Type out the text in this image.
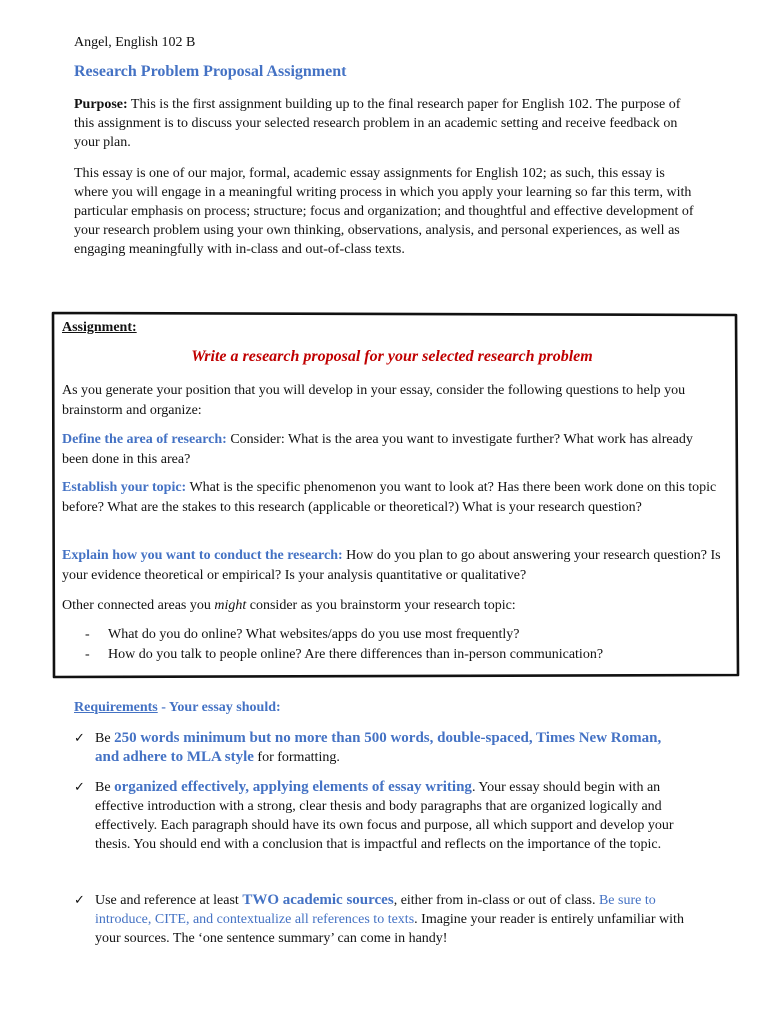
Angel, English 102 B
Research Problem Proposal Assignment
Purpose: This is the first assignment building up to the final research paper for English 102. The purpose of this assignment is to discuss your selected research problem in an academic setting and receive feedback on your plan.
This essay is one of our major, formal, academic essay assignments for English 102; as such, this essay is where you will engage in a meaningful writing process in which you apply your learning so far this term, with particular emphasis on process; structure; focus and organization; and thoughtful and effective development of your research problem using your own thinking, observations, analysis, and personal experiences, as well as engaging meaningfully with in-class and out-of-class texts.
Assignment:
Write a research proposal for your selected research problem
As you generate your position that you will develop in your essay, consider the following questions to help you brainstorm and organize:
Define the area of research: Consider: What is the area you want to investigate further? What work has already been done in this area?
Establish your topic: What is the specific phenomenon you want to look at? Has there been work done on this topic before? What are the stakes to this research (applicable or theoretical?) What is your research question?
Explain how you want to conduct the research: How do you plan to go about answering your research question? Is your evidence theoretical or empirical? Is your analysis quantitative or qualitative?
Other connected areas you might consider as you brainstorm your research topic:
- What do you do online? What websites/apps do you use most frequently?
- How do you talk to people online? Are there differences than in-person communication?
Requirements - Your essay should:
✓ Be 250 words minimum but no more than 500 words, double-spaced, Times New Roman, and adhere to MLA style for formatting.
✓ Be organized effectively, applying elements of essay writing. Your essay should begin with an effective introduction with a strong, clear thesis and body paragraphs that are organized logically and effectively. Each paragraph should have its own focus and purpose, all which support and develop your thesis. You should end with a conclusion that is impactful and reflects on the importance of the topic.
✓ Use and reference at least TWO academic sources, either from in-class or out of class. Be sure to introduce, CITE, and contextualize all references to texts. Imagine your reader is entirely unfamiliar with your sources. The ‘one sentence summary’ can come in handy!
